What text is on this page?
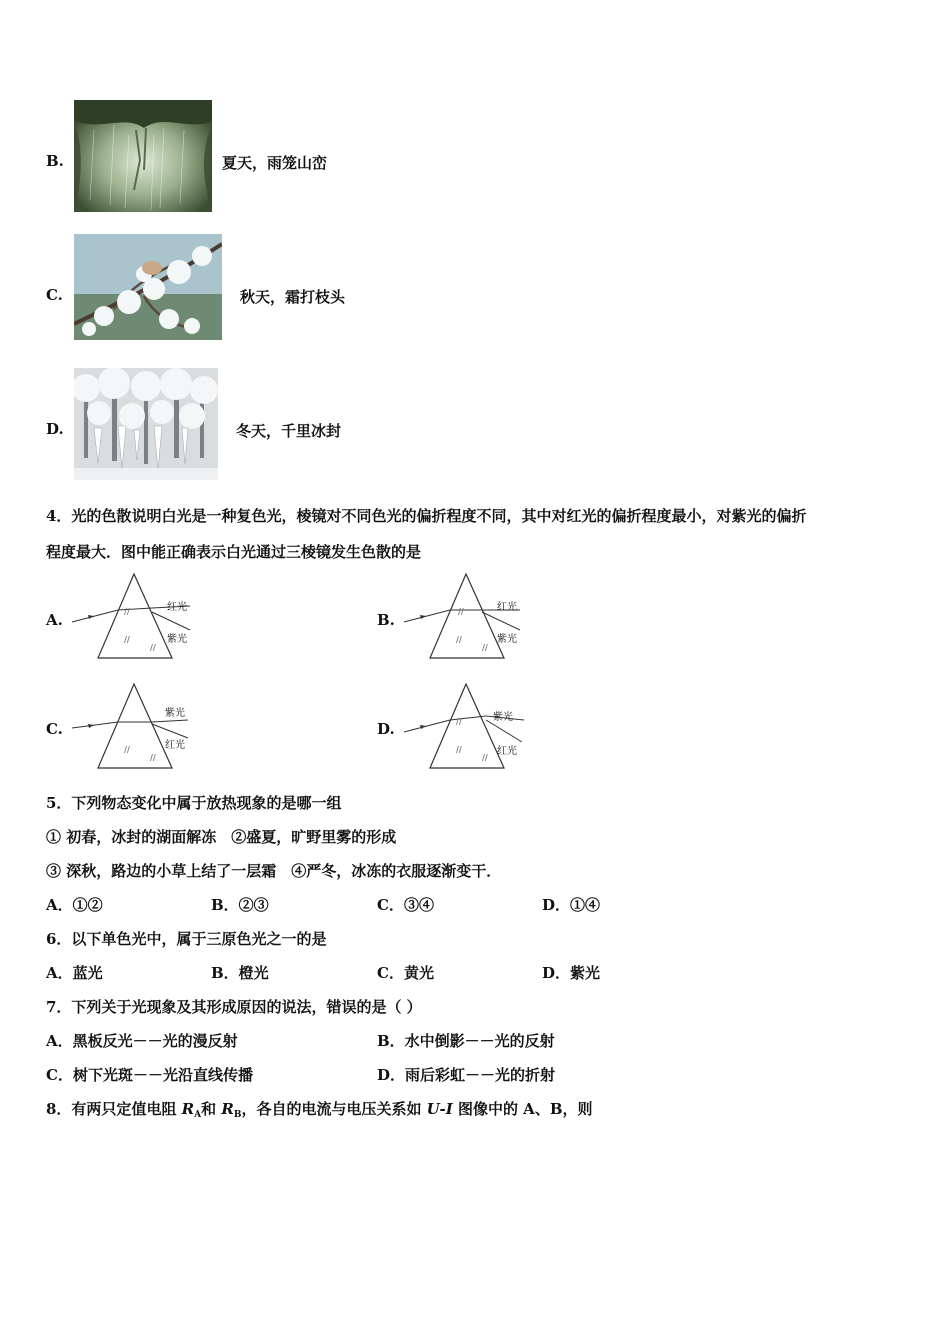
B.	夏天，雨笼山峦
C.	秋天，霜打枝头
D.	冬天，千里冰封
4．光的色散说明白光是一种复色光，棱镜对不同色光的偏折程度不同，其中对红光的偏折程度最小，对紫光的偏折
程度最大．图中能正确表示白光通过三棱镜发生色散的是
A.
//
//
//	红光
紫光
B.
//
//
//	红光
紫光
C.
//
//
紫光
红光
D.
//
//
//	紫光
红光
5．下列物态变化中属于放热现象的是哪一组
① 初春，冰封的湖面解冻　②盛夏，旷野里雾的形成
③ 深秋，路边的小草上结了一层霜　④严冬，冰冻的衣服逐渐变干．
A．①②	B．②③	C．③④	D．①④
6．以下单色光中，属于三原色光之一的是
A．蓝光	B．橙光	C．黄光	D．紫光
7．下列关于光现象及其形成原因的说法，错误的是（ ）
A．黑板反光－－光的漫反射	B．水中倒影－－光的反射
C．树下光斑－－光沿直线传播	D．雨后彩虹－－光的折射
8．有两只定值电阻 $R_A$和 $R_B$，各自的电流与电压关系如 U-I 图像中的 A、B，则
